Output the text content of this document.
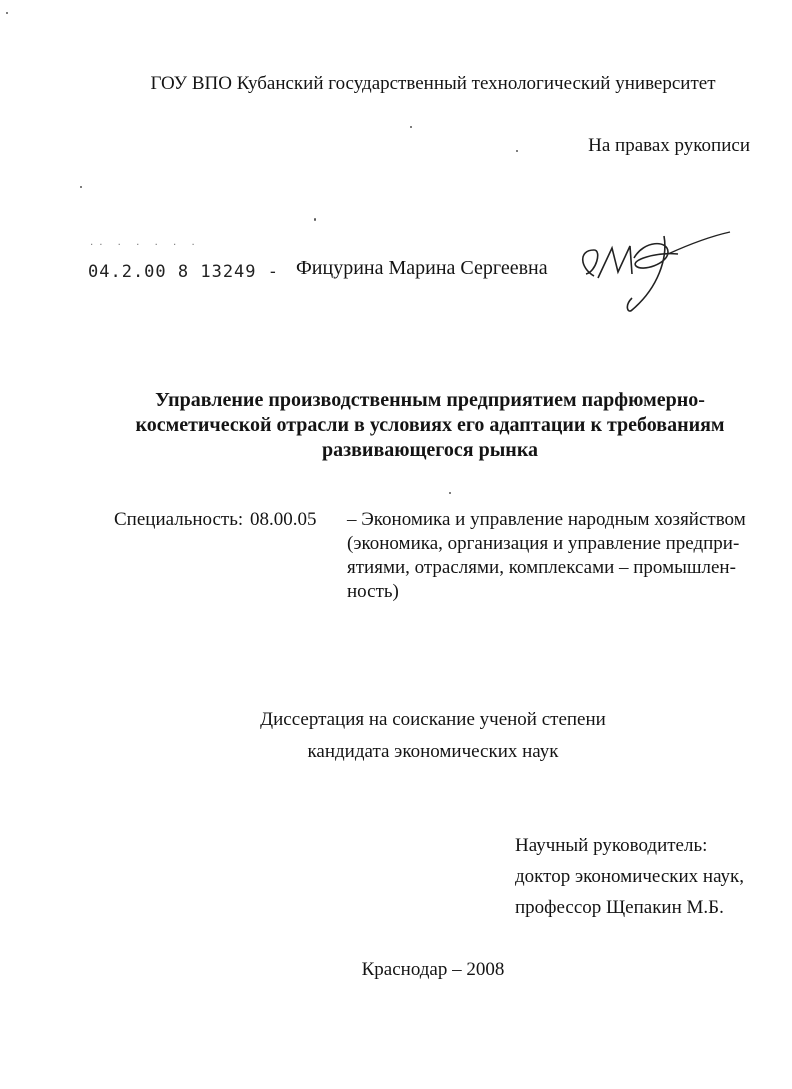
ГОУ ВПО Кубанский государственный технологический университет

На правах рукописи

˙˙ ˙ ˙ ˙ ˙ ˙
04.2.00 8 13249 - Фицурина Марина Сергеевна

Управление производственным предприятием парфюмерно-
косметической отрасли в условиях его адаптации к требованиям
развивающегося рынка

Специальность: 08.00.05 – Экономика и управление народным хозяйством
(экономика, организация и управление предпри-
ятиями, отраслями, комплексами – промышлен-
ность)

Диссертация на соискание ученой степени

кандидата экономических наук

Научный руководитель:

доктор экономических наук,

профессор Щепакин М.Б.

Краснодар – 2008
